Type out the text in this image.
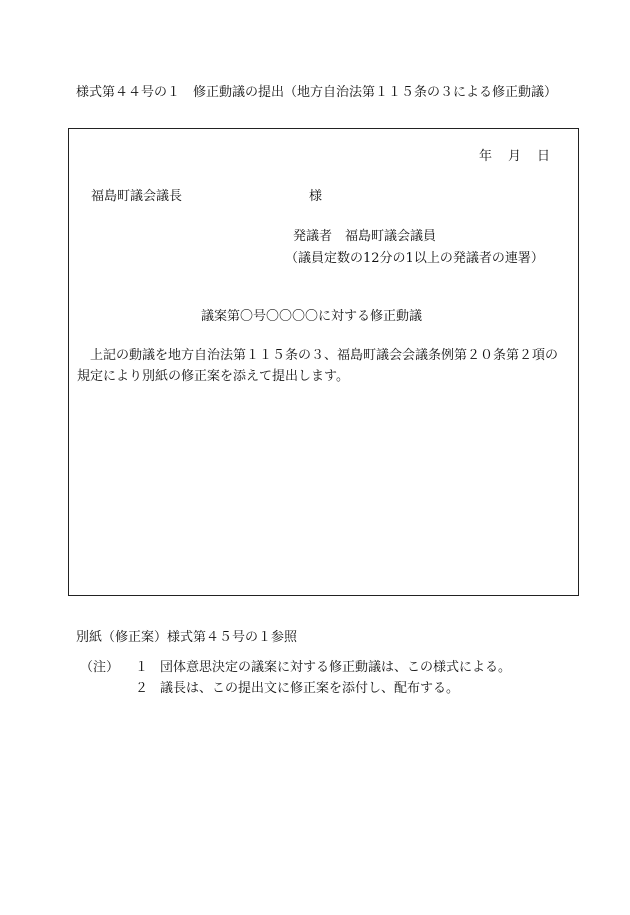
様式第４４号の１　修正動議の提出（地方自治法第１１５条の３による修正動議）
年 月 日
福島町議会議長	様
発議者　福島町議会議員
（議員定数の12分の1以上の発議者の連署）
議案第〇号〇〇〇〇に対する修正動議
上記の動議を地方自治法第１１５条の３、福島町議会会議条例第２０条第２項の規定により別紙の修正案を添えて提出します。
別紙（修正案）様式第４５号の１参照
（注） １ 団体意思決定の議案に対する修正動議は、この様式による。
２ 議長は、この提出文に修正案を添付し、配布する。
